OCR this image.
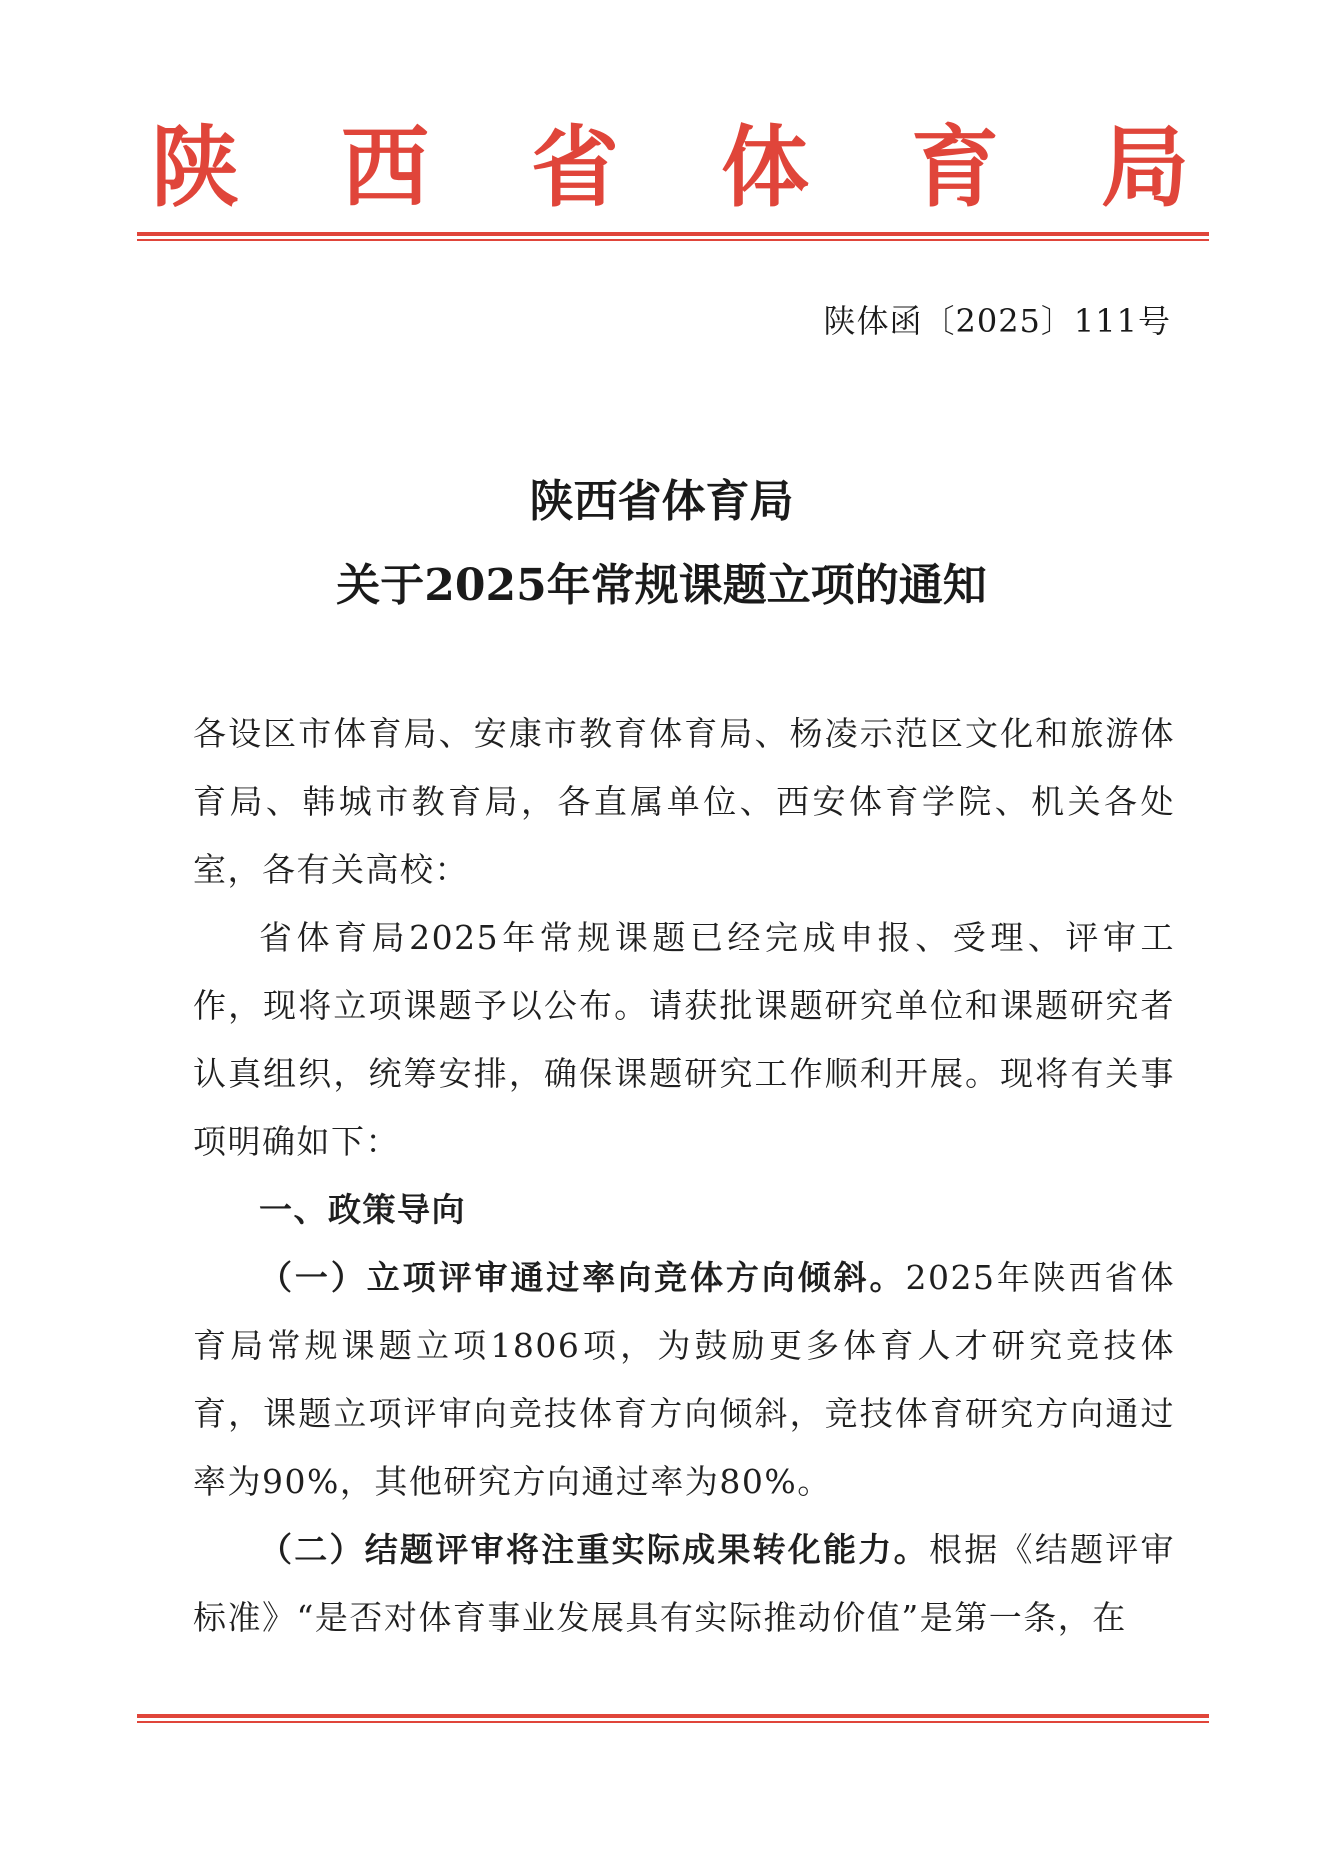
陕 西 省 体 育 局
陕体函〔2025〕111号
陕西省体育局
关于2025年常规课题立项的通知

各设区市体育局、安康市教育体育局、杨凌示范区文化和旅游体育局、韩城市教育局，各直属单位、西安体育学院、机关各处室，各有关高校：

省体育局2025年常规课题已经完成申报、受理、评审工作，现将立项课题予以公布。请获批课题研究单位和课题研究者认真组织，统筹安排，确保课题研究工作顺利开展。现将有关事项明确如下：

一、政策导向

（一）立项评审通过率向竞体方向倾斜。2025年陕西省体育局常规课题立项1806项，为鼓励更多体育人才研究竞技体育，课题立项评审向竞技体育方向倾斜，竞技体育研究方向通过率为90%，其他研究方向通过率为80%。

（二）结题评审将注重实际成果转化能力。根据《结题评审标准》“是否对体育事业发展具有实际推动价值”是第一条，在
